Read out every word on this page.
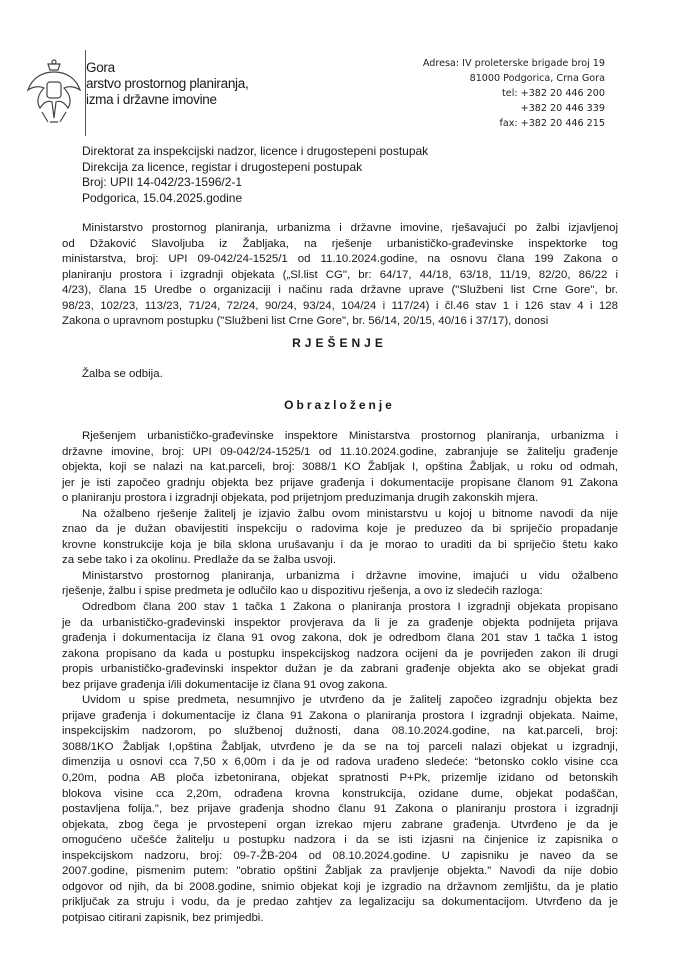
Gora
arstvo prostornog planiranja,
izma i državne imovine
Adresa: IV proleterske brigade broj 19
81000 Podgorica, Crna Gora
tel: +382 20 446 200
+382 20 446 339
fax: +382 20 446 215
Direktorat za inspekcijski nadzor, licence i drugostepeni postupak
Direkcija za licence, registar i drugostepeni postupak
Broj: UPII 14-042/23-1596/2-1
Podgorica, 15.04.2025.godine
Ministarstvo prostornog planiranja, urbanizma i državne imovine, rješavajući po žalbi izjavljenoj
od Džaković Slavoljuba iz Žabljaka, na rješenje urbanističko-građevinske inspektorke tog
ministarstva, broj: UPI 09-042/24-1525/1 od 11.10.2024.godine, na osnovu člana 199 Zakona o
planiranju prostora i izgradnji objekata („Sl.list CG", br: 64/17, 44/18, 63/18, 11/19, 82/20, 86/22 i
4/23), člana 15 Uredbe o organizaciji i načinu rada državne uprave ("Službeni list Crne Gore", br.
98/23, 102/23, 113/23, 71/24, 72/24, 90/24, 93/24, 104/24 i 117/24) i čl.46 stav 1 i 126 stav 4 i 128
Zakona o upravnom postupku ("Službeni list Crne Gore", br. 56/14, 20/15, 40/16 i 37/17), donosi
RJEŠENJE
Žalba se odbija.
Obrazloženje
Rješenjem urbanističko-građevinske inspektore Ministarstva prostornog planiranja, urbanizma i
državne imovine, broj: UPI 09-042/24-1525/1 od 11.10.2024.godine, zabranjuje se žalitelju građenje
objekta, koji se nalazi na kat.parceli, broj: 3088/1 KO Žabljak I, opština Žabljak, u roku od odmah,
jer je isti započeo gradnju objekta bez prijave građenja i dokumentacije propisane članom 91 Zakona
o planiranju prostora i izgradnji objekata, pod prijetnjom preduzimanja drugih zakonskih mjera.
Na ožalbeno rješenje žalitelj je izjavio žalbu ovom ministarstvu u kojoj u bitnome navodi da nije
znao da je dužan obavijestiti inspekciju o radovima koje je preduzeo da bi spriječio propadanje
krovne konstrukcije koja je bila sklona urušavanju i da je morao to uraditi da bi spriječio štetu kako
za sebe tako i za okolinu. Predlaže da se žalba usvoji.
Ministarstvo prostornog planiranja, urbanizma i državne imovine, imajući u vidu ožalbeno
rješenje, žalbu i spise predmeta je odlučilo kao u dispozitivu rješenja, a ovo iz sledećih razloga:
Odredbom člana 200 stav 1 tačka 1 Zakona o planiranja prostora I izgradnji objekata propisano
je da urbanističko-građevinski inspektor provjerava da li je za građenje objekta podnijeta prijava
građenja i dokumentacija iz člana 91 ovog zakona, dok je odredbom člana 201 stav 1 tačka 1 istog
zakona propisano da kada u postupku inspekcijskog nadzora ocijeni da je povrijeđen zakon ili drugi
propis urbanističko-građevinski inspektor dužan je da zabrani građenje objekta ako se objekat gradi
bez prijave građenja i/ili dokumentacije iz člana 91 ovog zakona.
Uvidom u spise predmeta, nesumnjivo je utvrđeno da je žalitelj započeo izgradnju objekta bez
prijave građenja i dokumentacije iz člana 91 Zakona o planiranja prostora I izgradnji objekata. Naime,
inspekcijskim nadzorom, po službenoj dužnosti, dana 08.10.2024.godine, na kat.parceli, broj:
3088/1KO Žabljak I,opština Žabljak, utvrđeno je da se na toj parceli nalazi objekat u izgradnji,
dimenzija u osnovi cca 7,50 x 6,00m i da je od radova urađeno sledeće: “betonsko coklo visine cca
0,20m, podna AB ploča izbetonirana, objekat spratnosti P+Pk, prizemlje izidano od betonskih
blokova visine cca 2,20m, odrađena krovna konstrukcija, ozidane dume, objekat podaščan,
postavljena folija.", bez prijave građenja shodno članu 91 Zakona o planiranju prostora i izgradnji
objekata, zbog čega je prvostepeni organ izrekao mjeru zabrane građenja. Utvrđeno je da je
omogućeno učešće žalitelju u postupku nadzora i da se isti izjasni na činjenice iz zapisnika o
inspekcijskom nadzoru, broj: 09-7-ŽB-204 od 08.10.2024.godine. U zapisniku je naveo da se
2007.godine, pismenim putem: "obratio opštini Žabljak za pravljenje objekta." Navodi da nije dobio
odgovor od njih, da bi 2008.godine, snimio objekat koji je izgradio na državnom zemljištu, da je platio
priključak za struju i vodu, da je predao zahtjev za legalizaciju sa dokumentacijom. Utvrđeno da je
potpisao citirani zapisnik, bez primjedbi.
